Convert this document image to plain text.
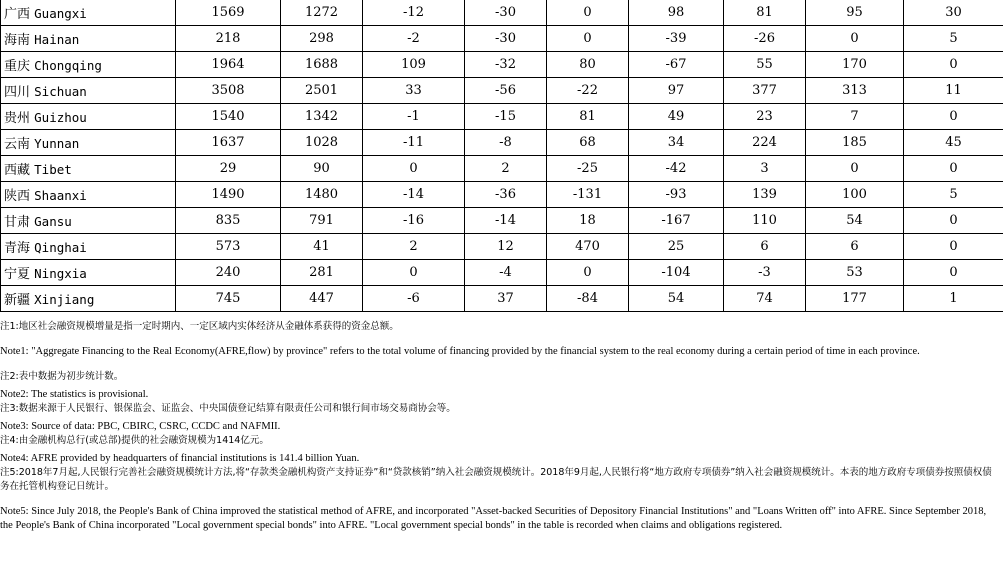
广西 Guangxi	1569	1272	-12	-30	0	98	81	95	30
海南 Hainan	218	298	-2	-30	0	-39	-26	0	5
重庆 Chongqing	1964	1688	109	-32	80	-67	55	170	0
四川 Sichuan	3508	2501	33	-56	-22	97	377	313	11
贵州 Guizhou	1540	1342	-1	-15	81	49	23	7	0
云南 Yunnan	1637	1028	-11	-8	68	34	224	185	45
西藏 Tibet	29	90	0	2	-25	-42	3	0	0
陕西 Shaanxi	1490	1480	-14	-36	-131	-93	139	100	5
甘肃 Gansu	835	791	-16	-14	18	-167	110	54	0
青海 Qinghai	573	41	2	12	470	25	6	6	0
宁夏 Ningxia	240	281	0	-4	0	-104	-3	53	0
新疆 Xinjiang	745	447	-6	37	-84	54	74	177	1

注1:地区社会融资规模增量是指一定时期内、一定区域内实体经济从金融体系获得的资金总额。

Note1: "Aggregate Financing to the Real Economy(AFRE,flow) by province" refers to the total volume of financing provided by the financial system to the real economy during a certain period of time in each province.

注2:表中数据为初步统计数。

Note2: The statistics is provisional.

注3:数据来源于人民银行、银保监会、证监会、中央国债登记结算有限责任公司和银行间市场交易商协会等。

Note3: Source of data: PBC, CBIRC, CSRC, CCDC and NAFMII.

注4:由金融机构总行(或总部)提供的社会融资规模为1414亿元。

Note4: AFRE provided by headquarters of financial institutions is 141.4 billion Yuan.

注5:2018年7月起,人民银行完善社会融资规模统计方法,将“存款类金融机构资产支持证券”和“贷款核销”纳入社会融资规模统计。2018年9月起,人民银行将“地方政府专项债券”纳入社会融资规模统计。本表的地方政府专项债券按照债权债务在托管机构登记日统计。

Note5: Since July 2018, the People's Bank of China improved the statistical method of AFRE, and incorporated "Asset-backed Securities of Depository Financial Institutions" and "Loans Written off" into AFRE. Since September 2018, the People's Bank of China incorporated "Local government special bonds" into AFRE. "Local government special bonds" in the table is recorded when claims and obligations registered.
